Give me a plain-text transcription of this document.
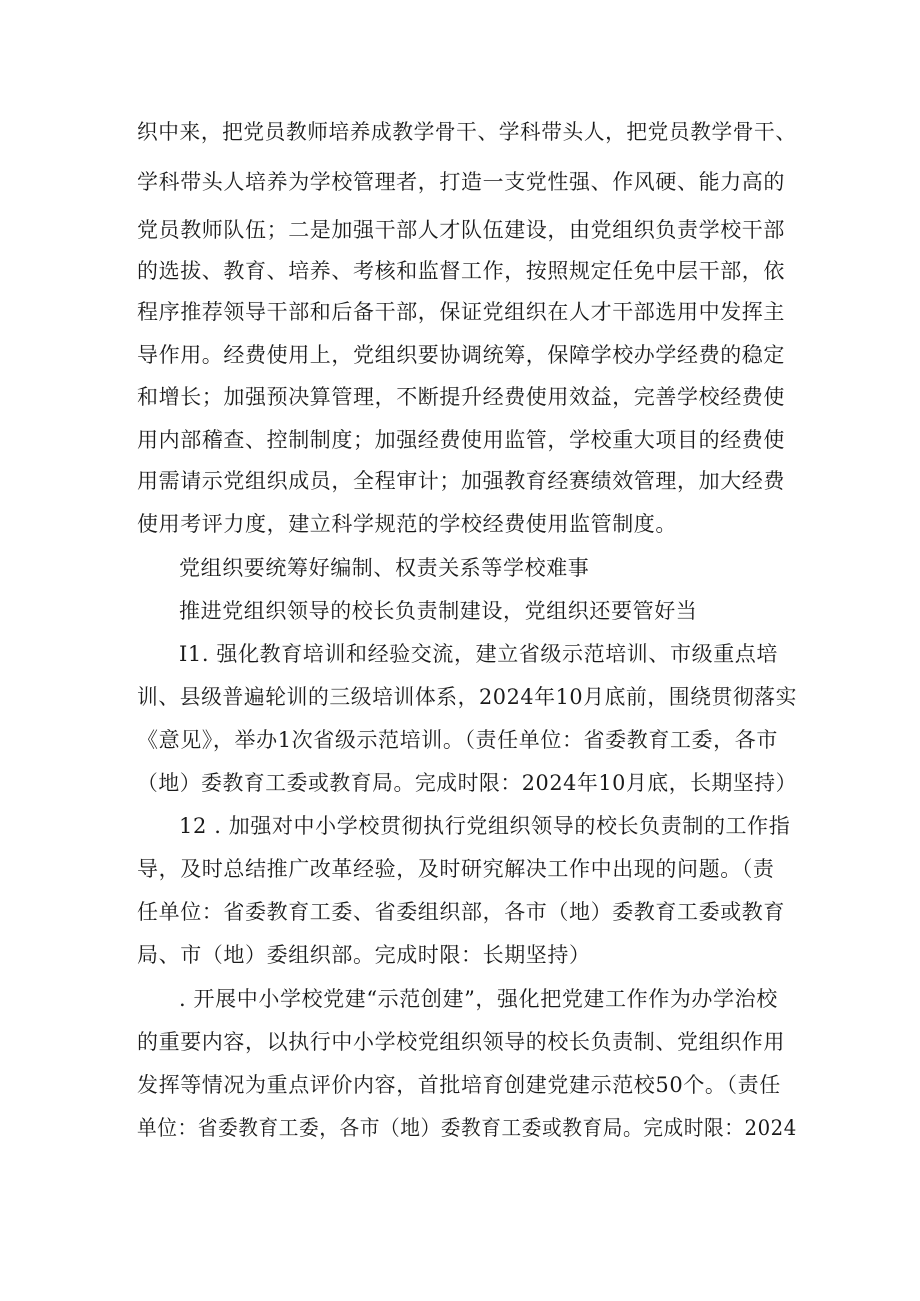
织中来，把党员教师培养成教学骨干、学科带头人，把党员教学骨干、
学科带头人培养为学校管理者，打造一支党性强、作风硬、能力高的
党员教师队伍；二是加强干部人才队伍建设，由党组织负责学校干部
的选拔、教育、培养、考核和监督工作，按照规定任免中层干部，依
程序推荐领导干部和后备干部，保证党组织在人才干部选用中发挥主
导作用。经费使用上，党组织要协调统筹，保障学校办学经费的稳定
和增长；加强预决算管理，不断提升经费使用效益，完善学校经费使
用内部稽查、控制制度；加强经费使用监管，学校重大项目的经费使
用需请示党组织成员，全程审计；加强教育经赛绩效管理，加大经费
使用考评力度，建立科学规范的学校经费使用监管制度。
党组织要统筹好编制、权责关系等学校难事
推进党组织领导的校长负责制建设，党组织还要管好当
I1. 强化教育培训和经验交流，建立省级示范培训、市级重点培
训、县级普遍轮训的三级培训体系，2024年10月底前，围绕贯彻落实
《意见》，举办1次省级示范培训。（责任单位：省委教育工委，各市
（地）委教育工委或教育局。完成时限：2024年10月底，长期坚持）
12 . 加强对中小学校贯彻执行党组织领导的校长负责制的工作指
导，及时总结推广改革经验，及时研究解决工作中出现的问题。（责
任单位：省委教育工委、省委组织部，各市（地）委教育工委或教育
局、市（地）委组织部。完成时限：长期坚持）
. 开展中小学校党建“示范创建”，强化把党建工作作为办学治校
的重要内容，以执行中小学校党组织领导的校长负责制、党组织作用
发挥等情况为重点评价内容，首批培育创建党建示范校50个。（责任
单位：省委教育工委，各市（地）委教育工委或教育局。完成时限：2024
